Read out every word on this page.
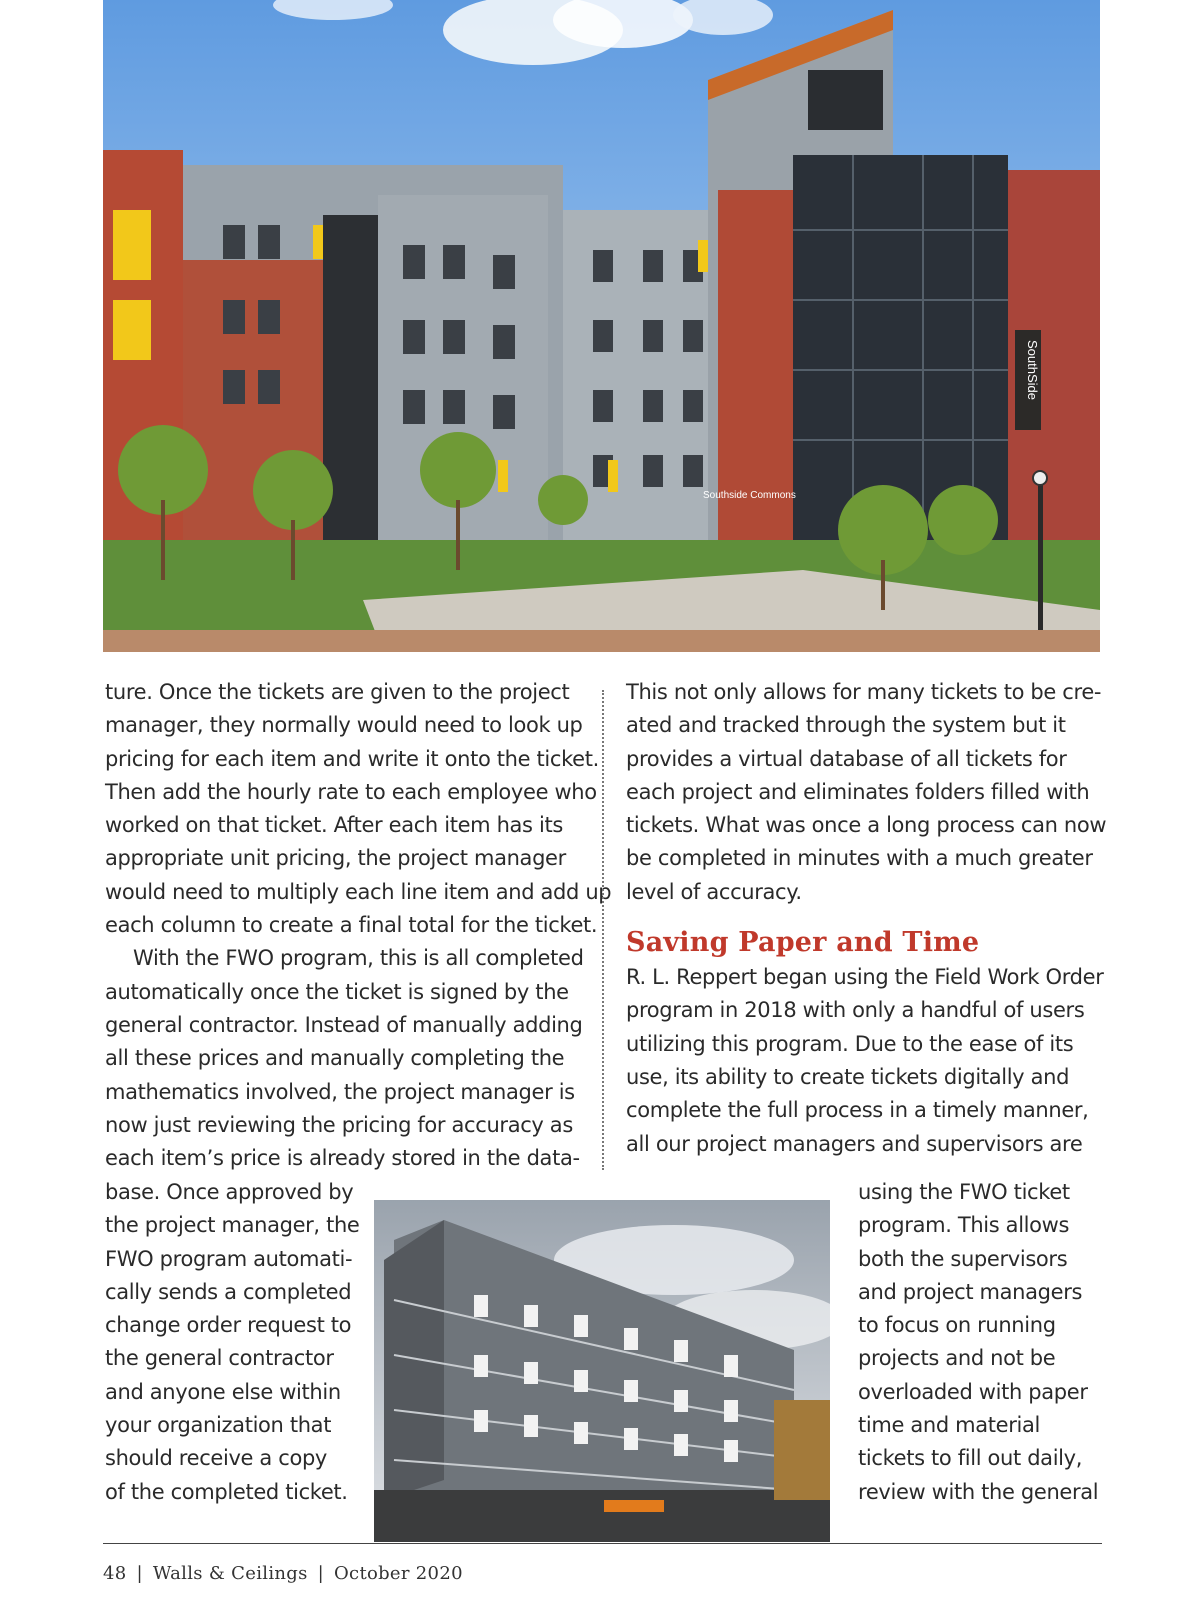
SouthSide
Southside Commons

ture. Once the tickets are given to the project
manager, they normally would need to look up
pricing for each item and write it onto the ticket.
Then add the hourly rate to each employee who
worked on that ticket. After each item has its
appropriate unit pricing, the project manager
would need to multiply each line item and add up
each column to create a final total for the ticket.

With the FWO program, this is all completed
automatically once the ticket is signed by the
general contractor. Instead of manually adding
all these prices and manually completing the
mathematics involved, the project manager is
now just reviewing the pricing for accuracy as
each item’s price is already stored in the data-

This not only allows for many tickets to be cre-
ated and tracked through the system but it
provides a virtual database of all tickets for
each project and eliminates folders filled with
tickets. What was once a long process can now
be completed in minutes with a much greater
level of accuracy.

Saving Paper and Time

R. L. Reppert began using the Field Work Order
program in 2018 with only a handful of users
utilizing this program. Due to the ease of its
use, its ability to create tickets digitally and
complete the full process in a timely manner,
all our project managers and supervisors are

base. Once approved by
the project manager, the
FWO program automati-
cally sends a completed
change order request to
the general contractor
and anyone else within
your organization that
should receive a copy
of the completed ticket.
using the FWO ticket
program. This allows
both the supervisors
and project managers
to focus on running
projects and not be
overloaded with paper
time and material
tickets to fill out daily,
review with the general
48 | Walls & Ceilings | October 2020
